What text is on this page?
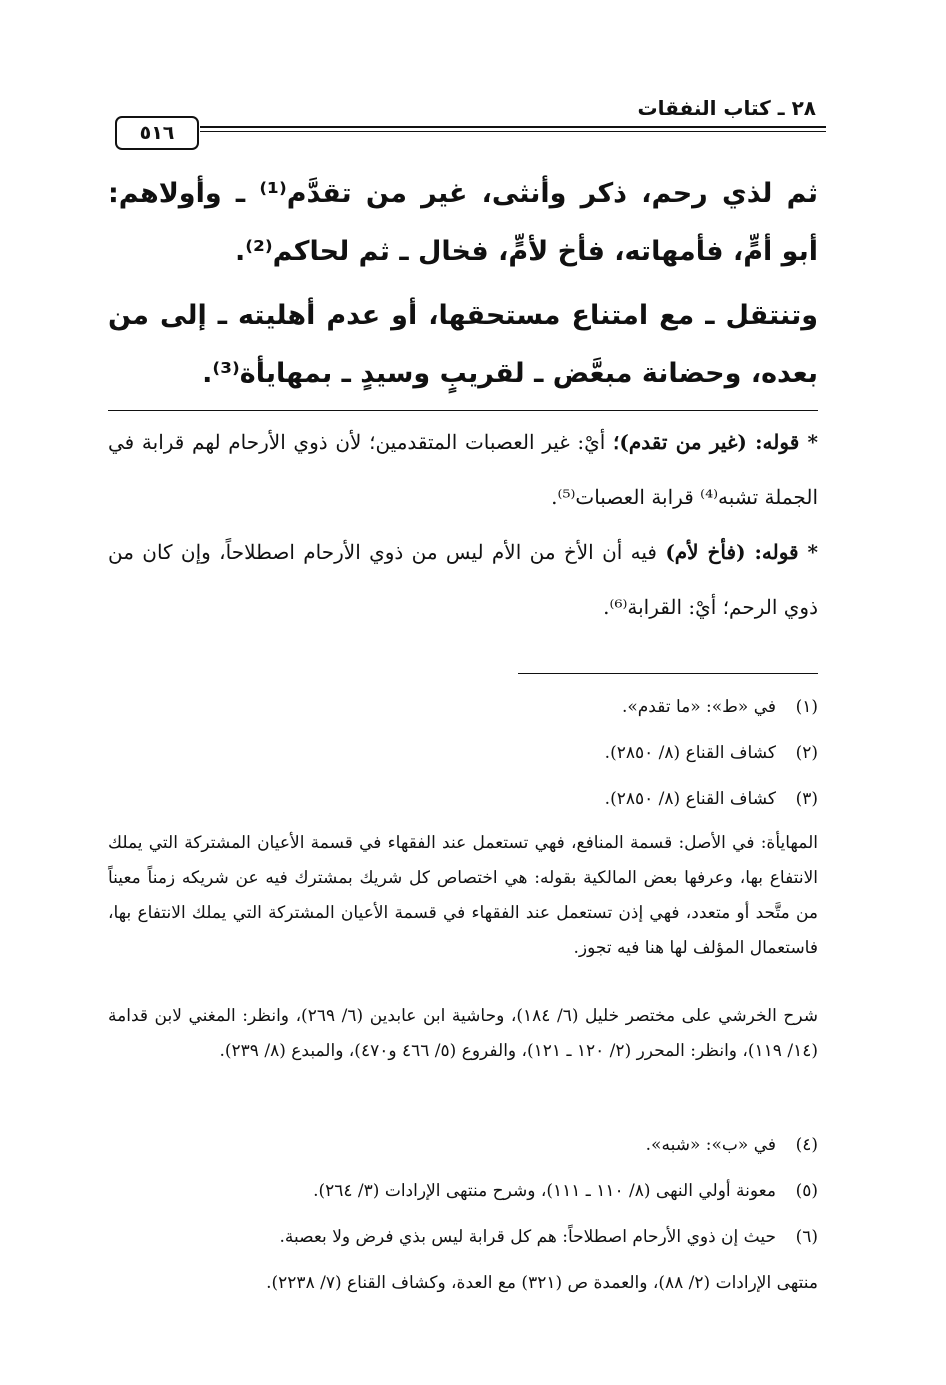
٢٨ ـ كتاب النفقات
٥١٦
ثم لذي رحم، ذكر وأنثى، غير من تقدَّم⁽¹⁾ ـ وأولاهم: أبو أمٍّ، فأمهاته، فأخ لأمٍّ، فخال ـ ثم لحاكم⁽²⁾.
وتنتقل ـ مع امتناع مستحقها، أو عدم أهليته ـ إلى من بعده، وحضانة مبعَّض ـ لقريبٍ وسيدٍ ـ بمهايأة⁽³⁾.
* قوله: (غير من تقدم)؛ أيْ: غير العصبات المتقدمين؛ لأن ذوي الأرحام لهم قرابة في الجملة تشبه⁽⁴⁾ قرابة العصبات⁽⁵⁾.
* قوله: (فأخ لأم) فيه أن الأخ من الأم ليس من ذوي الأرحام اصطلاحاً، وإن كان من ذوي الرحم؛ أيْ: القرابة⁽⁶⁾.
(١)في «ط»: «ما تقدم».
(٢)كشاف القناع (٨/ ٢٨٥٠).
(٣)كشاف القناع (٨/ ٢٨٥٠).
المهايأة: في الأصل: قسمة المنافع، فهي تستعمل عند الفقهاء في قسمة الأعيان المشتركة التي يملك الانتفاع بها، وعرفها بعض المالكية بقوله: هي اختصاص كل شريك بمشترك فيه عن شريكه زمناً معيناً من متَّحد أو متعدد، فهي إذن تستعمل عند الفقهاء في قسمة الأعيان المشتركة التي يملك الانتفاع بها، فاستعمال المؤلف لها هنا فيه تجوز.
شرح الخرشي على مختصر خليل (٦/ ١٨٤)، وحاشية ابن عابدين (٦/ ٢٦٩)، وانظر: المغني لابن قدامة (١٤/ ١١٩)، وانظر: المحرر (٢/ ١٢٠ ـ ١٢١)، والفروع (٥/ ٤٦٦ و٤٧٠)، والمبدع (٨/ ٢٣٩).
(٤)في «ب»: «شبه».
(٥)معونة أولي النهى (٨/ ١١٠ ـ ١١١)، وشرح منتهى الإرادات (٣/ ٢٦٤).
(٦)حيث إن ذوي الأرحام اصطلاحاً: هم كل قرابة ليس بذي فرض ولا بعصبة.
منتهى الإرادات (٢/ ٨٨)، والعمدة ص (٣٢١) مع العدة، وكشاف القناع (٧/ ٢٢٣٨).
